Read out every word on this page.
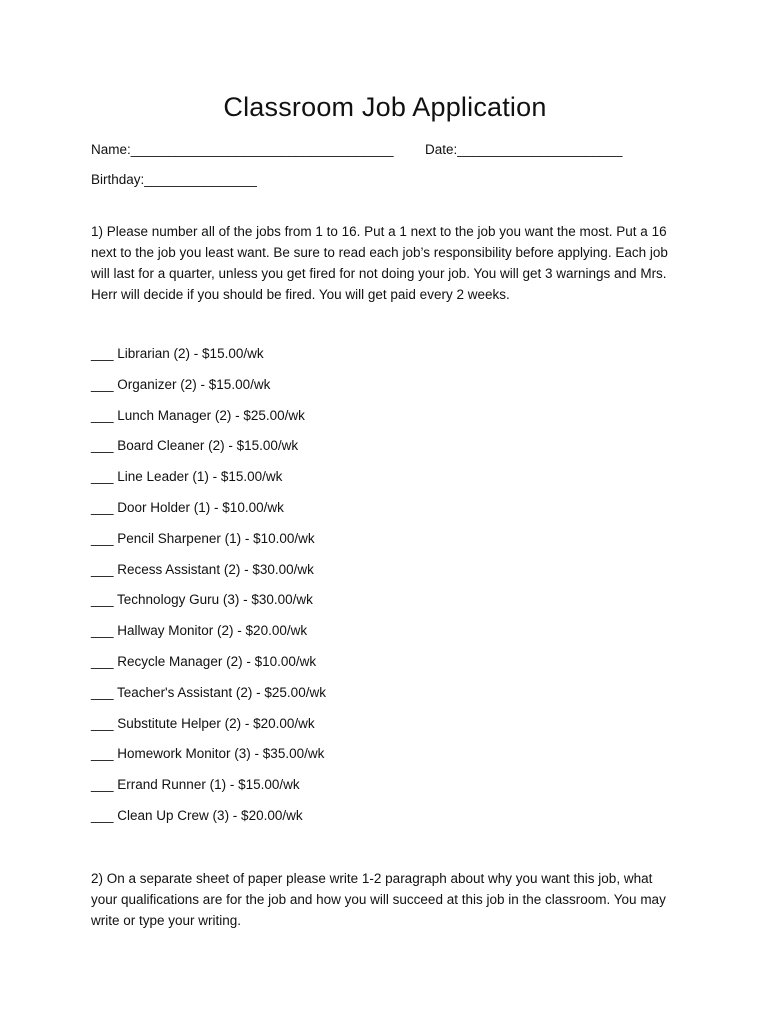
Classroom Job Application
Name:___________________________________ Date:______________________
Birthday:_______________
1) Please number all of the jobs from 1 to 16. Put a 1 next to the job you want the most. Put a 16 next to the job you least want. Be sure to read each job’s responsibility before applying. Each job will last for a quarter, unless you get fired for not doing your job. You will get 3 warnings and Mrs. Herr will decide if you should be fired. You will get paid every 2 weeks.
___ Librarian (2) - $15.00/wk
___ Organizer (2) - $15.00/wk
___ Lunch Manager (2) - $25.00/wk
___ Board Cleaner (2) - $15.00/wk
___ Line Leader (1) - $15.00/wk
___ Door Holder (1) - $10.00/wk
___ Pencil Sharpener (1) - $10.00/wk
___ Recess Assistant (2) - $30.00/wk
___ Technology Guru (3) - $30.00/wk
___ Hallway Monitor (2) - $20.00/wk
___ Recycle Manager (2) - $10.00/wk
___ Teacher's Assistant (2) - $25.00/wk
___ Substitute Helper (2) - $20.00/wk
___ Homework Monitor (3) - $35.00/wk
___ Errand Runner (1) - $15.00/wk
___ Clean Up Crew (3) - $20.00/wk
2) On a separate sheet of paper please write 1-2 paragraph about why you want this job, what your qualifications are for the job and how you will succeed at this job in the classroom. You may write or type your writing.
